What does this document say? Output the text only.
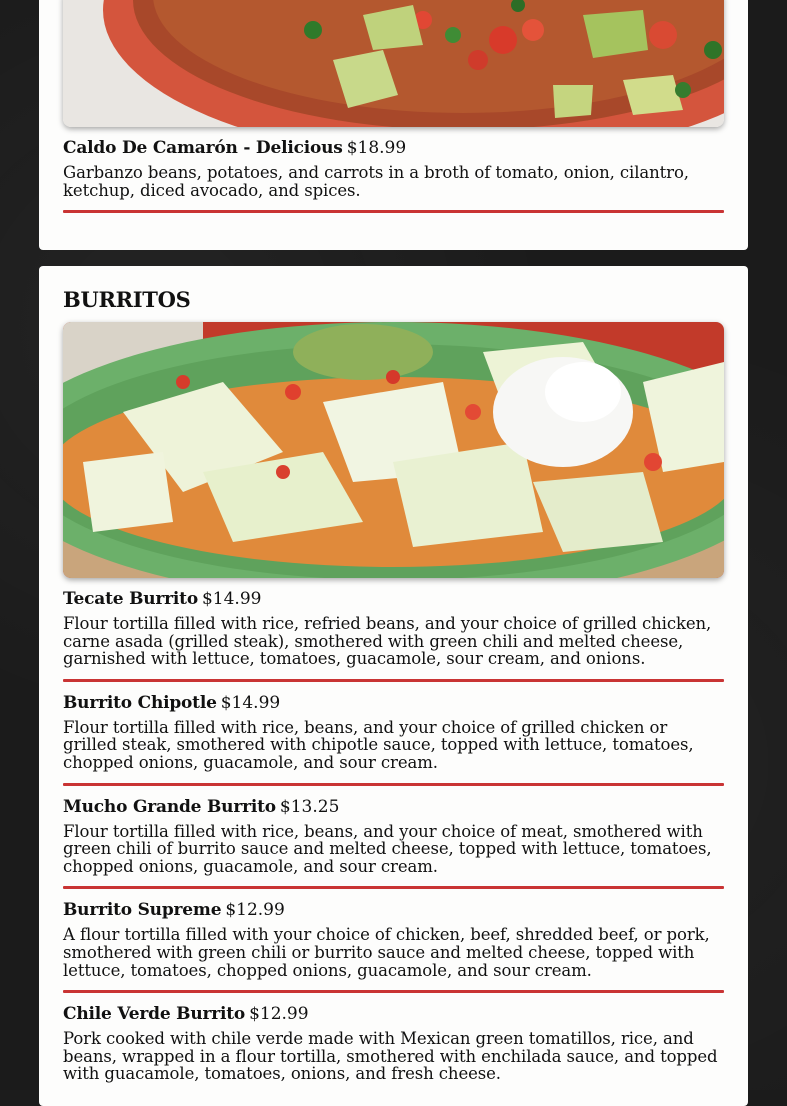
Caldo De Camarón - Delicious $18.99
Garbanzo beans, potatoes, and carrots in a broth of tomato, onion, cilantro, ketchup, diced avocado, and spices.
BURRITOS
Tecate Burrito $14.99
Flour tortilla filled with rice, refried beans, and your choice of grilled chicken, carne asada (grilled steak), smothered with green chili and melted cheese, garnished with lettuce, tomatoes, guacamole, sour cream, and onions.
Burrito Chipotle $14.99
Flour tortilla filled with rice, beans, and your choice of grilled chicken or grilled steak, smothered with chipotle sauce, topped with lettuce, tomatoes, chopped onions, guacamole, and sour cream.
Mucho Grande Burrito $13.25
Flour tortilla filled with rice, beans, and your choice of meat, smothered with green chili of burrito sauce and melted cheese, topped with lettuce, tomatoes, chopped onions, guacamole, and sour cream.
Burrito Supreme $12.99
A flour tortilla filled with your choice of chicken, beef, shredded beef, or pork, smothered with green chili or burrito sauce and melted cheese, topped with lettuce, tomatoes, chopped onions, guacamole, and sour cream.
Chile Verde Burrito $12.99
Pork cooked with chile verde made with Mexican green tomatillos, rice, and beans, wrapped in a flour tortilla, smothered with enchilada sauce, and topped with guacamole, tomatoes, onions, and fresh cheese.
